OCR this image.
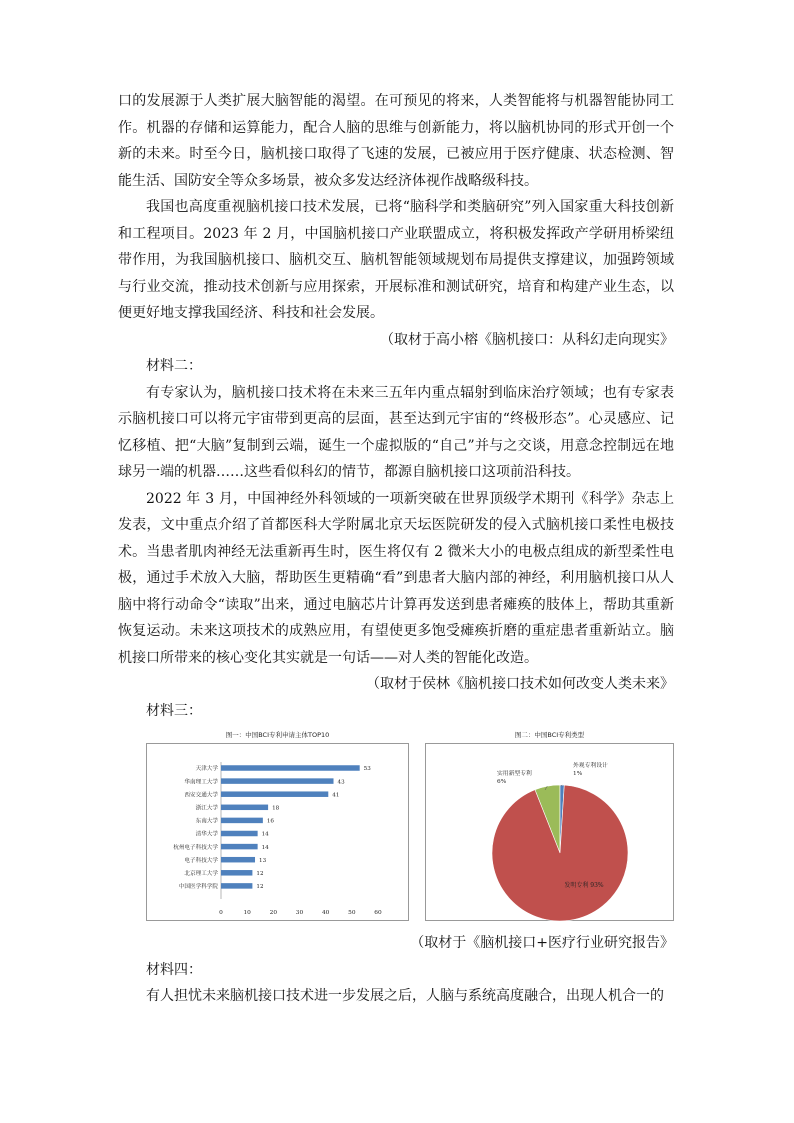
口的发展源于人类扩展大脑智能的渴望。在可预见的将来，人类智能将与机器智能协同工作。机器的存储和运算能力，配合人脑的思维与创新能力，将以脑机协同的形式开创一个新的未来。时至今日，脑机接口取得了飞速的发展，已被应用于医疗健康、状态检测、智能生活、国防安全等众多场景，被众多发达经济体视作战略级科技。

我国也高度重视脑机接口技术发展，已将“脑科学和类脑研究”列入国家重大科技创新和工程项目。2023 年 2 月，中国脑机接口产业联盟成立，将积极发挥政产学研用桥梁纽带作用，为我国脑机接口、脑机交互、脑机智能领域规划布局提供支撑建议，加强跨领域与行业交流，推动技术创新与应用探索，开展标准和测试研究，培育和构建产业生态，以便更好地支撑我国经济、科技和社会发展。

（取材于高小榕《脑机接口：从科幻走向现实》

材料二：

有专家认为，脑机接口技术将在未来三五年内重点辐射到临床治疗领域；也有专家表示脑机接口可以将元宇宙带到更高的层面，甚至达到元宇宙的“终极形态”。心灵感应、记忆移植、把“大脑”复制到云端，诞生一个虚拟版的“自己”并与之交谈，用意念控制远在地球另一端的机器……这些看似科幻的情节，都源自脑机接口这项前沿科技。

2022 年 3 月，中国神经外科领域的一项新突破在世界顶级学术期刊《科学》杂志上发表，文中重点介绍了首都医科大学附属北京天坛医院研发的侵入式脑机接口柔性电极技术。当患者肌肉神经无法重新再生时，医生将仅有 2 微米大小的电极点组成的新型柔性电极，通过手术放入大脑，帮助医生更精确“看”到患者大脑内部的神经，利用脑机接口从人脑中将行动命令“读取”出来，通过电脑芯片计算再发送到患者瘫痪的肢体上，帮助其重新恢复运动。未来这项技术的成熟应用，有望使更多饱受瘫痪折磨的重症患者重新站立。脑机接口所带来的核心变化其实就是一句话——对人类的智能化改造。

（取材于侯林《脑机接口技术如何改变人类未来》

材料三：

图一：中国BCI专利申请主体TOP10
天津大学	53
华南理工大学	43
西安交通大学	41
浙江大学	18
东南大学	16
清华大学	14
杭州电子科技大学	14
电子科技大学	13
北京理工大学	12
中国医学科学院	12
0	10	20	30	40	50	60
图二：中国BCI专利类型
发明专利 93%
实用新型专利
6%
外观专利设计
1%

（取材于《脑机接口+医疗行业研究报告》

材料四：

有人担忧未来脑机接口技术进一步发展之后，人脑与系统高度融合，出现人机合一的
